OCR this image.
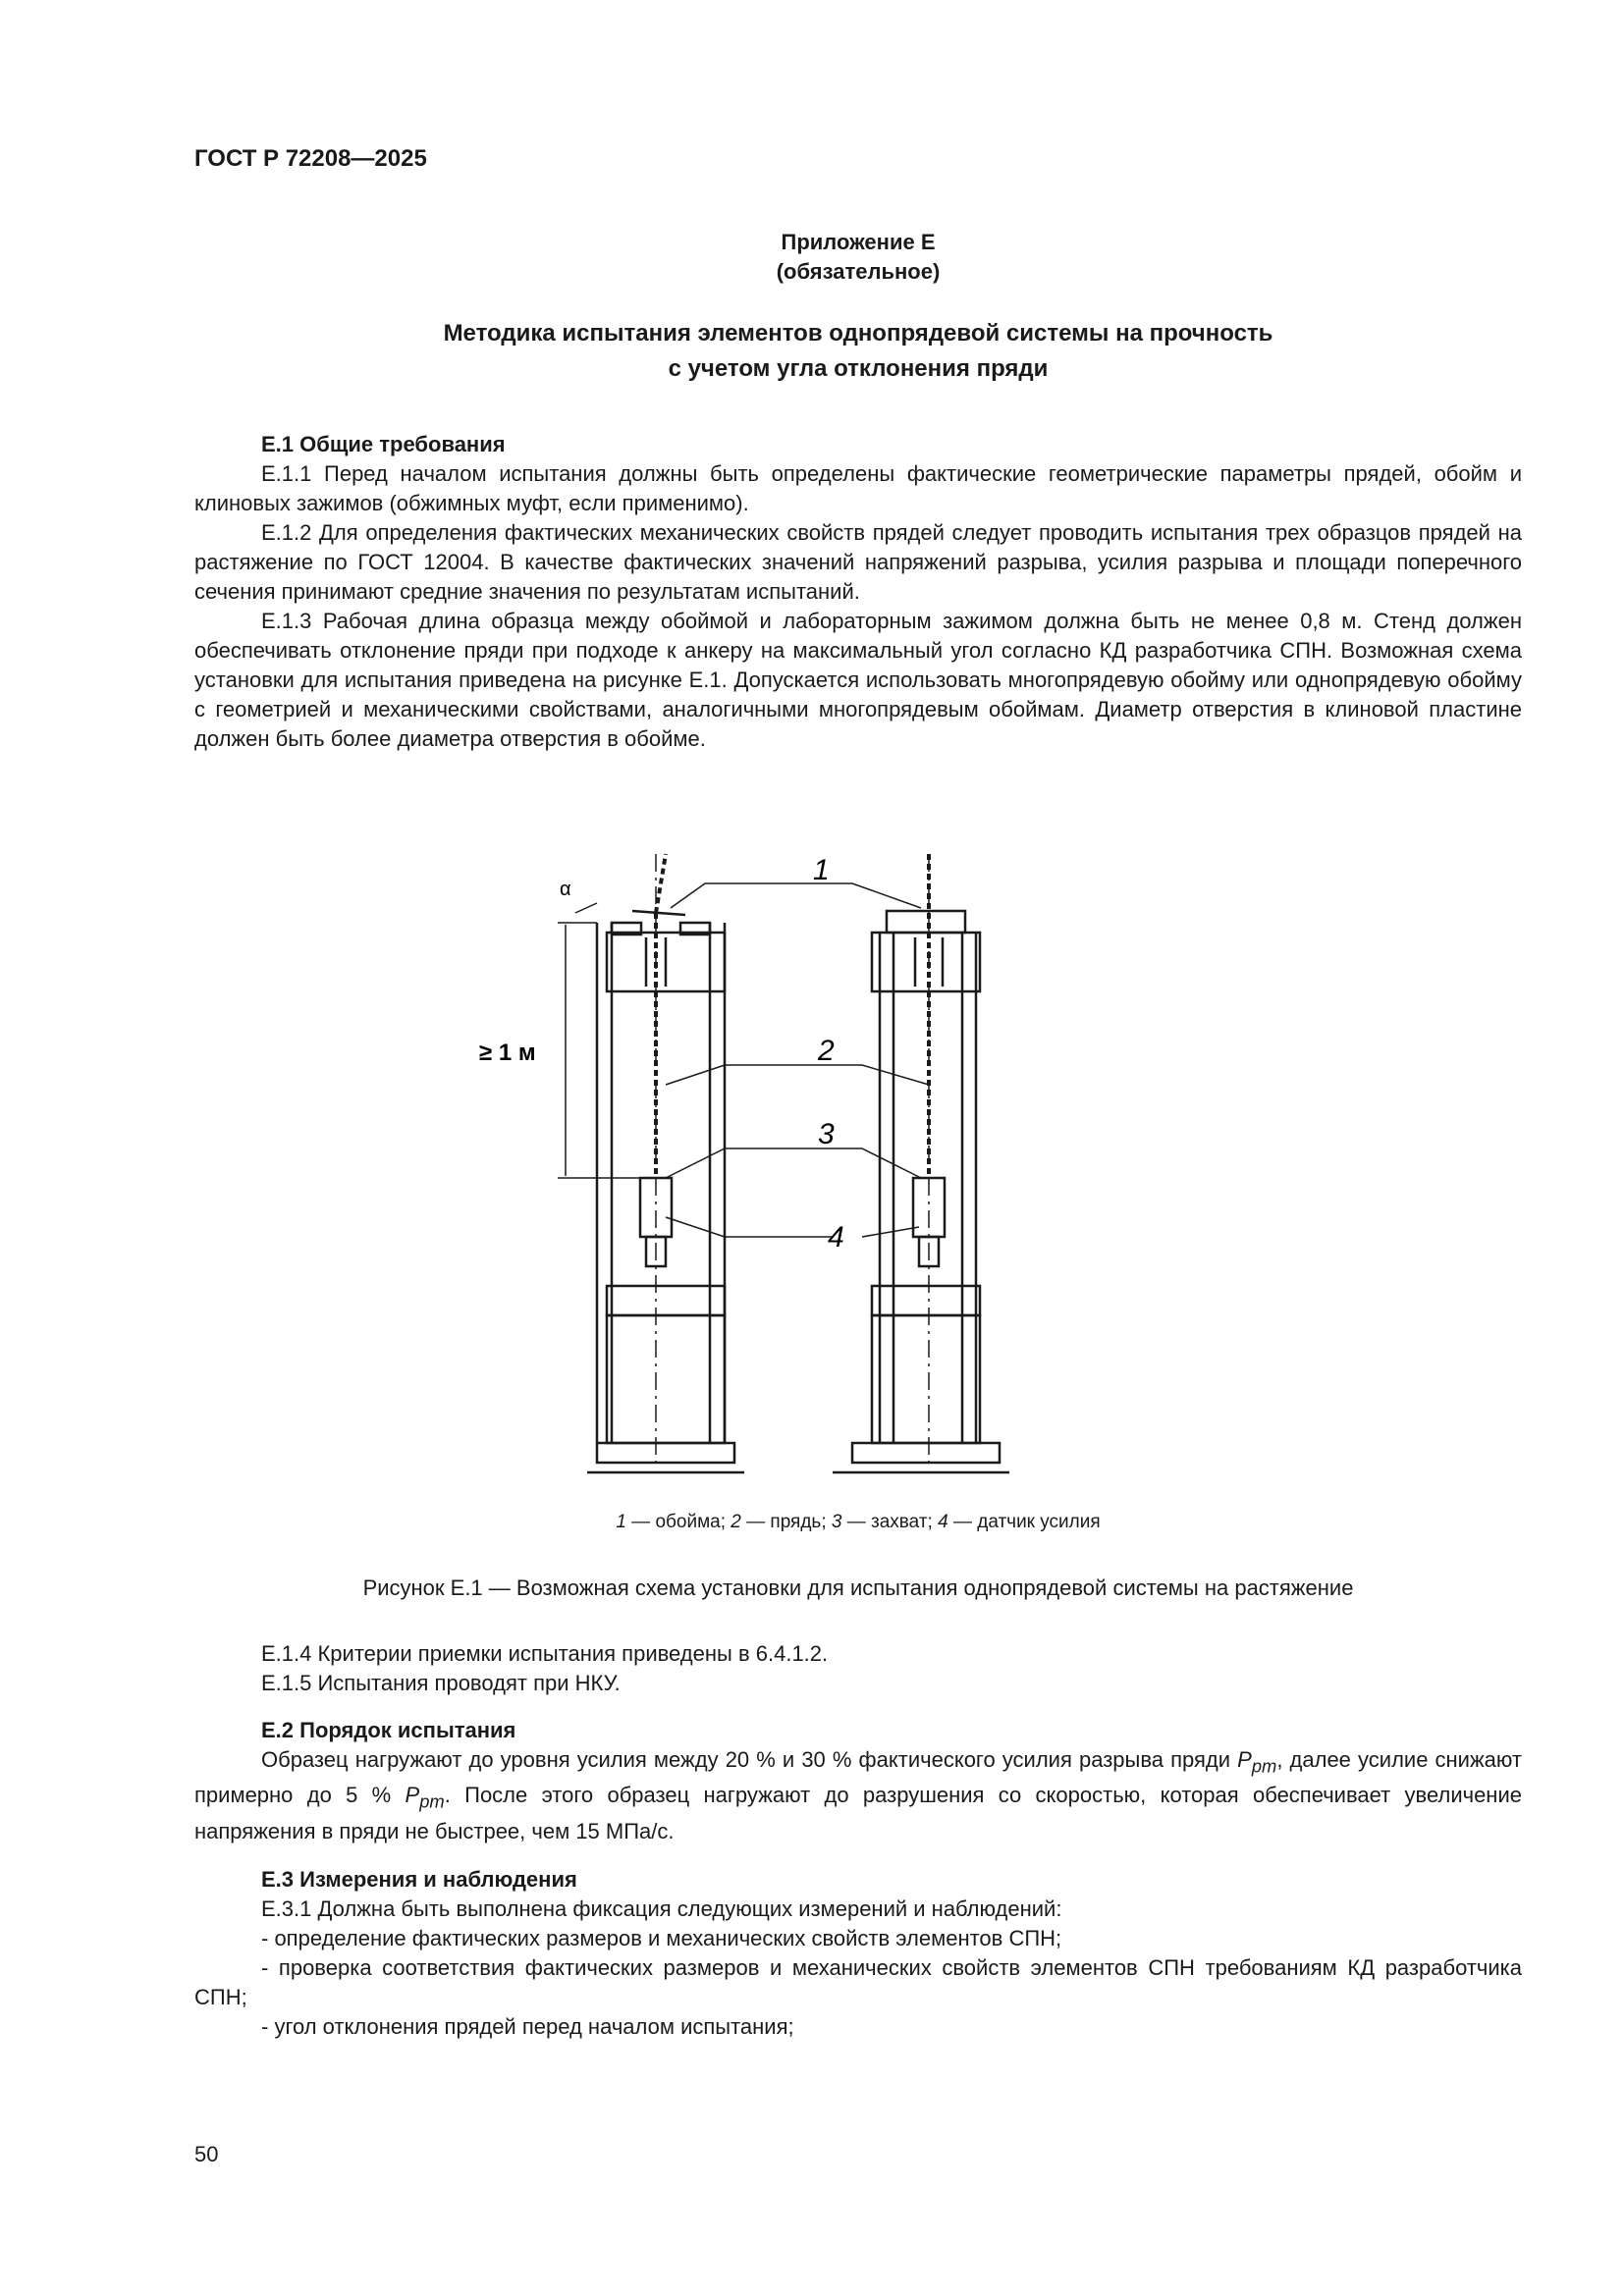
ГОСТ Р 72208—2025
Приложение Е
(обязательное)
Методика испытания элементов однопрядевой системы на прочность
с учетом угла отклонения пряди
Е.1 Общие требования
Е.1.1 Перед началом испытания должны быть определены фактические геометрические параметры прядей, обойм и клиновых зажимов (обжимных муфт, если применимо).
Е.1.2 Для определения фактических механических свойств прядей следует проводить испытания трех образцов прядей на растяжение по ГОСТ 12004. В качестве фактических значений напряжений разрыва, усилия разрыва и площади поперечного сечения принимают средние значения по результатам испытаний.
Е.1.3 Рабочая длина образца между обоймой и лабораторным зажимом должна быть не менее 0,8 м. Стенд должен обеспечивать отклонение пряди при подходе к анкеру на максимальный угол согласно КД разработчика СПН. Возможная схема установки для испытания приведена на рисунке Е.1. Допускается использовать многопрядевую обойму или однопрядевую обойму с геометрией и механическими свойствами, аналогичными многопрядевым обоймам. Диаметр отверстия в клиновой пластине должен быть более диаметра отверстия в обойме.
1
2
3
4
α
≥ 1 м
1 — обойма; 2 — прядь; 3 — захват; 4 — датчик усилия
Рисунок Е.1 — Возможная схема установки для испытания однопрядевой системы на растяжение
Е.1.4 Критерии приемки испытания приведены в 6.4.1.2.
Е.1.5 Испытания проводят при НКУ.
Е.2 Порядок испытания
Образец нагружают до уровня усилия между 20 % и 30 % фактического усилия разрыва пряди $P_{pm}$, далее усилие снижают примерно до 5 % $P_{pm}$. После этого образец нагружают до разрушения со скоростью, которая обеспечивает увеличение напряжения в пряди не быстрее, чем 15 МПа/с.
Е.3 Измерения и наблюдения
Е.3.1 Должна быть выполнена фиксация следующих измерений и наблюдений:
- определение фактических размеров и механических свойств элементов СПН;
- проверка соответствия фактических размеров и механических свойств элементов СПН требованиям КД разработчика СПН;
- угол отклонения прядей перед началом испытания;
50
